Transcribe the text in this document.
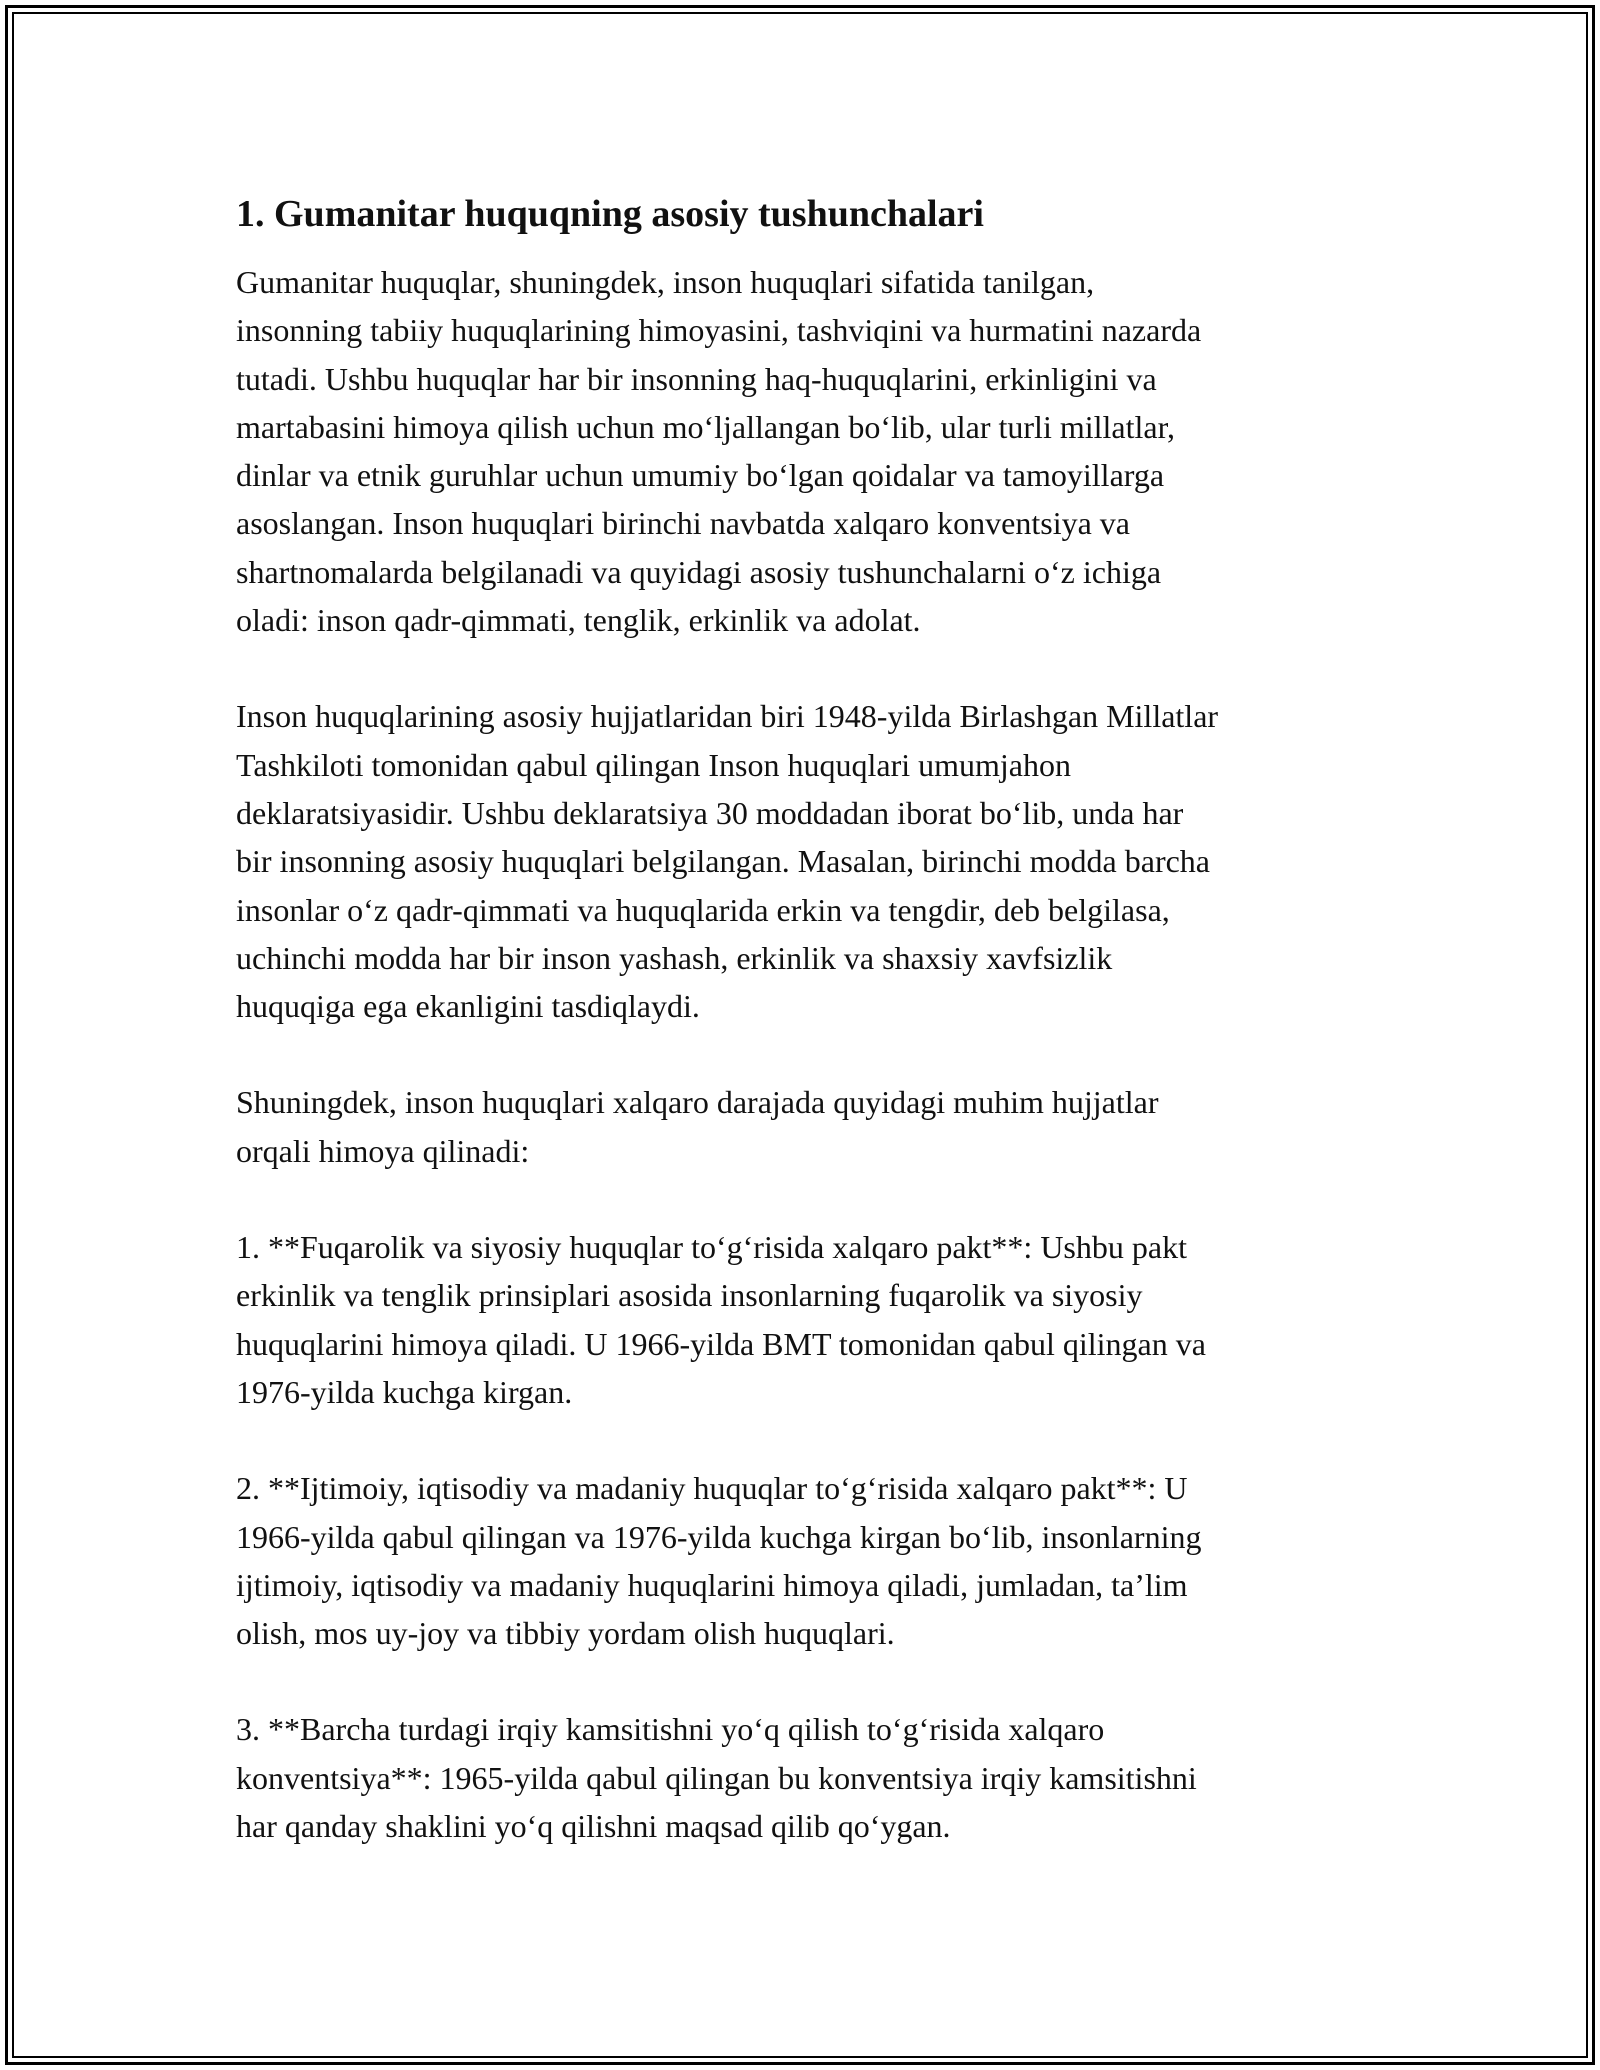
1. Gumanitar huquqning asosiy tushunchalari

Gumanitar huquqlar, shuningdek, inson huquqlari sifatida tanilgan,
insonning tabiiy huquqlarining himoyasini, tashviqini va hurmatini nazarda
tutadi. Ushbu huquqlar har bir insonning haq-huquqlarini, erkinligini va
martabasini himoya qilish uchun mo‘ljallangan bo‘lib, ular turli millatlar,
dinlar va etnik guruhlar uchun umumiy bo‘lgan qoidalar va tamoyillarga
asoslangan. Inson huquqlari birinchi navbatda xalqaro konventsiya va
shartnomalarda belgilanadi va quyidagi asosiy tushunchalarni o‘z ichiga
oladi: inson qadr-qimmati, tenglik, erkinlik va adolat.

Inson huquqlarining asosiy hujjatlaridan biri 1948-yilda Birlashgan Millatlar
Tashkiloti tomonidan qabul qilingan Inson huquqlari umumjahon
deklaratsiyasidir. Ushbu deklaratsiya 30 moddadan iborat bo‘lib, unda har
bir insonning asosiy huquqlari belgilangan. Masalan, birinchi modda barcha
insonlar o‘z qadr-qimmati va huquqlarida erkin va tengdir, deb belgilasa,
uchinchi modda har bir inson yashash, erkinlik va shaxsiy xavfsizlik
huquqiga ega ekanligini tasdiqlaydi.

Shuningdek, inson huquqlari xalqaro darajada quyidagi muhim hujjatlar
orqali himoya qilinadi:

1. **Fuqarolik va siyosiy huquqlar to‘g‘risida xalqaro pakt**: Ushbu pakt
erkinlik va tenglik prinsiplari asosida insonlarning fuqarolik va siyosiy
huquqlarini himoya qiladi. U 1966-yilda BMT tomonidan qabul qilingan va
1976-yilda kuchga kirgan.

2. **Ijtimoiy, iqtisodiy va madaniy huquqlar to‘g‘risida xalqaro pakt**: U
1966-yilda qabul qilingan va 1976-yilda kuchga kirgan bo‘lib, insonlarning
ijtimoiy, iqtisodiy va madaniy huquqlarini himoya qiladi, jumladan, ta’lim
olish, mos uy-joy va tibbiy yordam olish huquqlari.

3. **Barcha turdagi irqiy kamsitishni yo‘q qilish to‘g‘risida xalqaro
konventsiya**: 1965-yilda qabul qilingan bu konventsiya irqiy kamsitishni
har qanday shaklini yo‘q qilishni maqsad qilib qo‘ygan.
